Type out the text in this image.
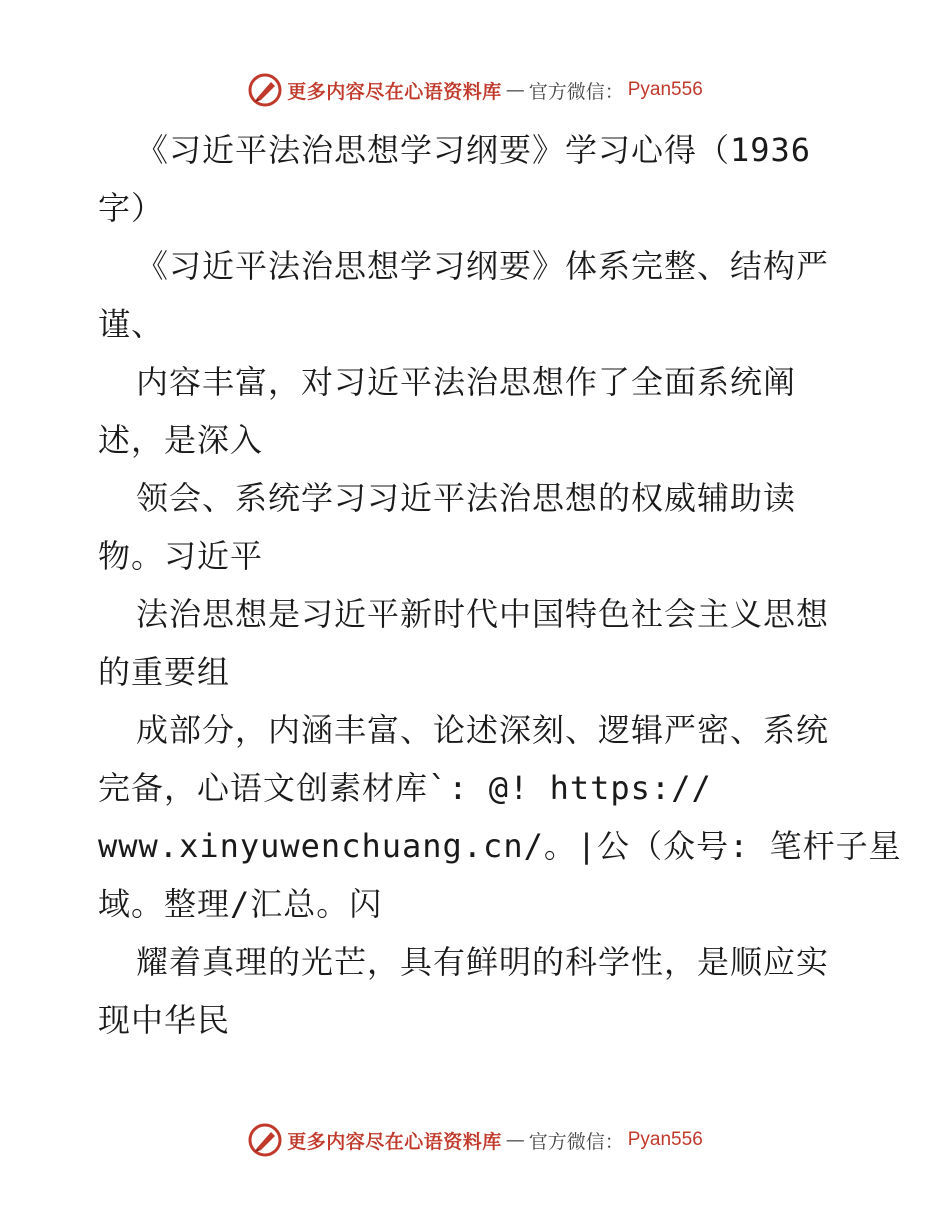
更多内容尽在心语资料库 — 官方微信： Pyan556
《习近平法治思想学习纲要》学习心得（1936
字）
《习近平法治思想学习纲要》体系完整、结构严
谨、
内容丰富，对习近平法治思想作了全面系统阐
述，是深入
领会、系统学习习近平法治思想的权威辅助读
物。习近平
法治思想是习近平新时代中国特色社会主义思想
的重要组
成部分，内涵丰富、论述深刻、逻辑严密、系统
完备，心语文创素材库`: @! https://
www.xinyuwenchuang.cn/。|公（众号: 笔杆子星
域。整理/汇总。闪
耀着真理的光芒，具有鲜明的科学性，是顺应实
现中华民
更多内容尽在心语资料库 — 官方微信： Pyan556
